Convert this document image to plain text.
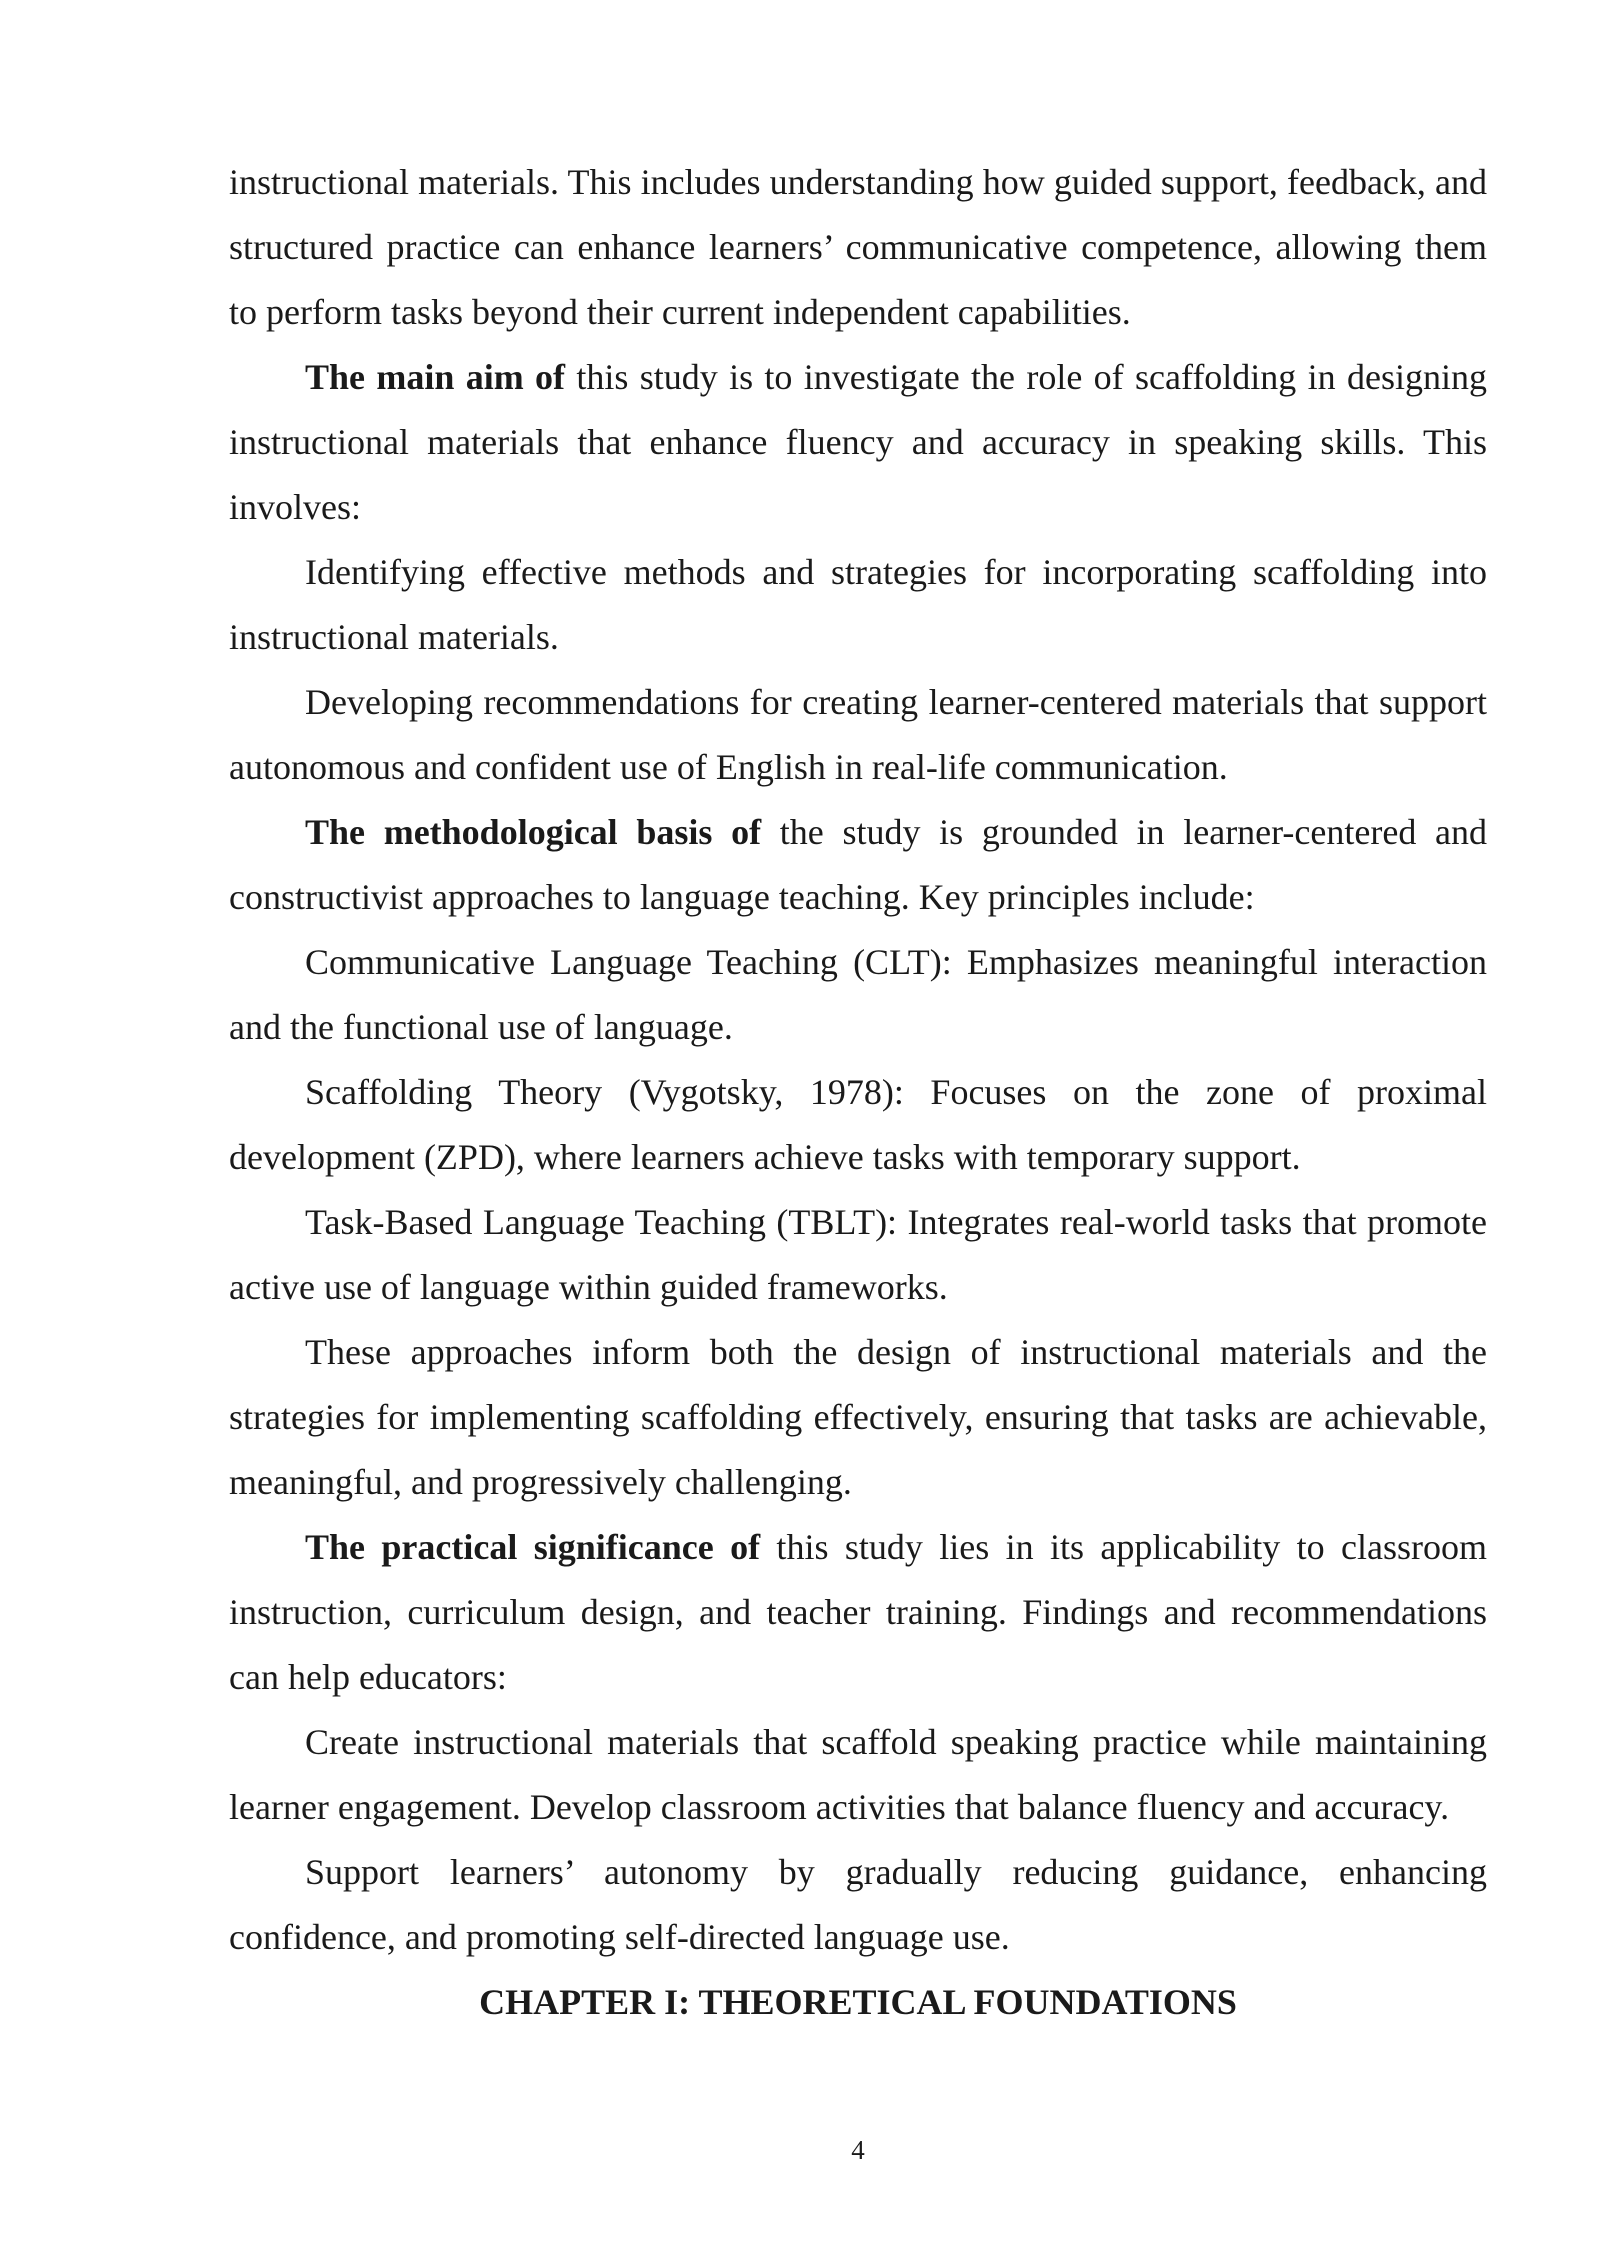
instructional materials. This includes understanding how guided support, feedback, and structured practice can enhance learners’ communicative competence, allowing them to perform tasks beyond their current independent capabilities.

The main aim of this study is to investigate the role of scaffolding in designing instructional materials that enhance fluency and accuracy in speaking skills. This involves:

Identifying effective methods and strategies for incorporating scaffolding into instructional materials.

Developing recommendations for creating learner-centered materials that support autonomous and confident use of English in real-life communication.

The methodological basis of the study is grounded in learner-centered and constructivist approaches to language teaching. Key principles include:

Communicative Language Teaching (CLT): Emphasizes meaningful interaction and the functional use of language.

Scaffolding Theory (Vygotsky, 1978): Focuses on the zone of proximal development (ZPD), where learners achieve tasks with temporary support.

Task-Based Language Teaching (TBLT): Integrates real-world tasks that promote active use of language within guided frameworks.

These approaches inform both the design of instructional materials and the strategies for implementing scaffolding effectively, ensuring that tasks are achievable, meaningful, and progressively challenging.

The practical significance of this study lies in its applicability to classroom instruction, curriculum design, and teacher training. Findings and recommendations can help educators:

Create instructional materials that scaffold speaking practice while maintaining learner engagement. Develop classroom activities that balance fluency and accuracy.

Support learners’ autonomy by gradually reducing guidance, enhancing confidence, and promoting self-directed language use.

CHAPTER I: THEORETICAL FOUNDATIONS

4
